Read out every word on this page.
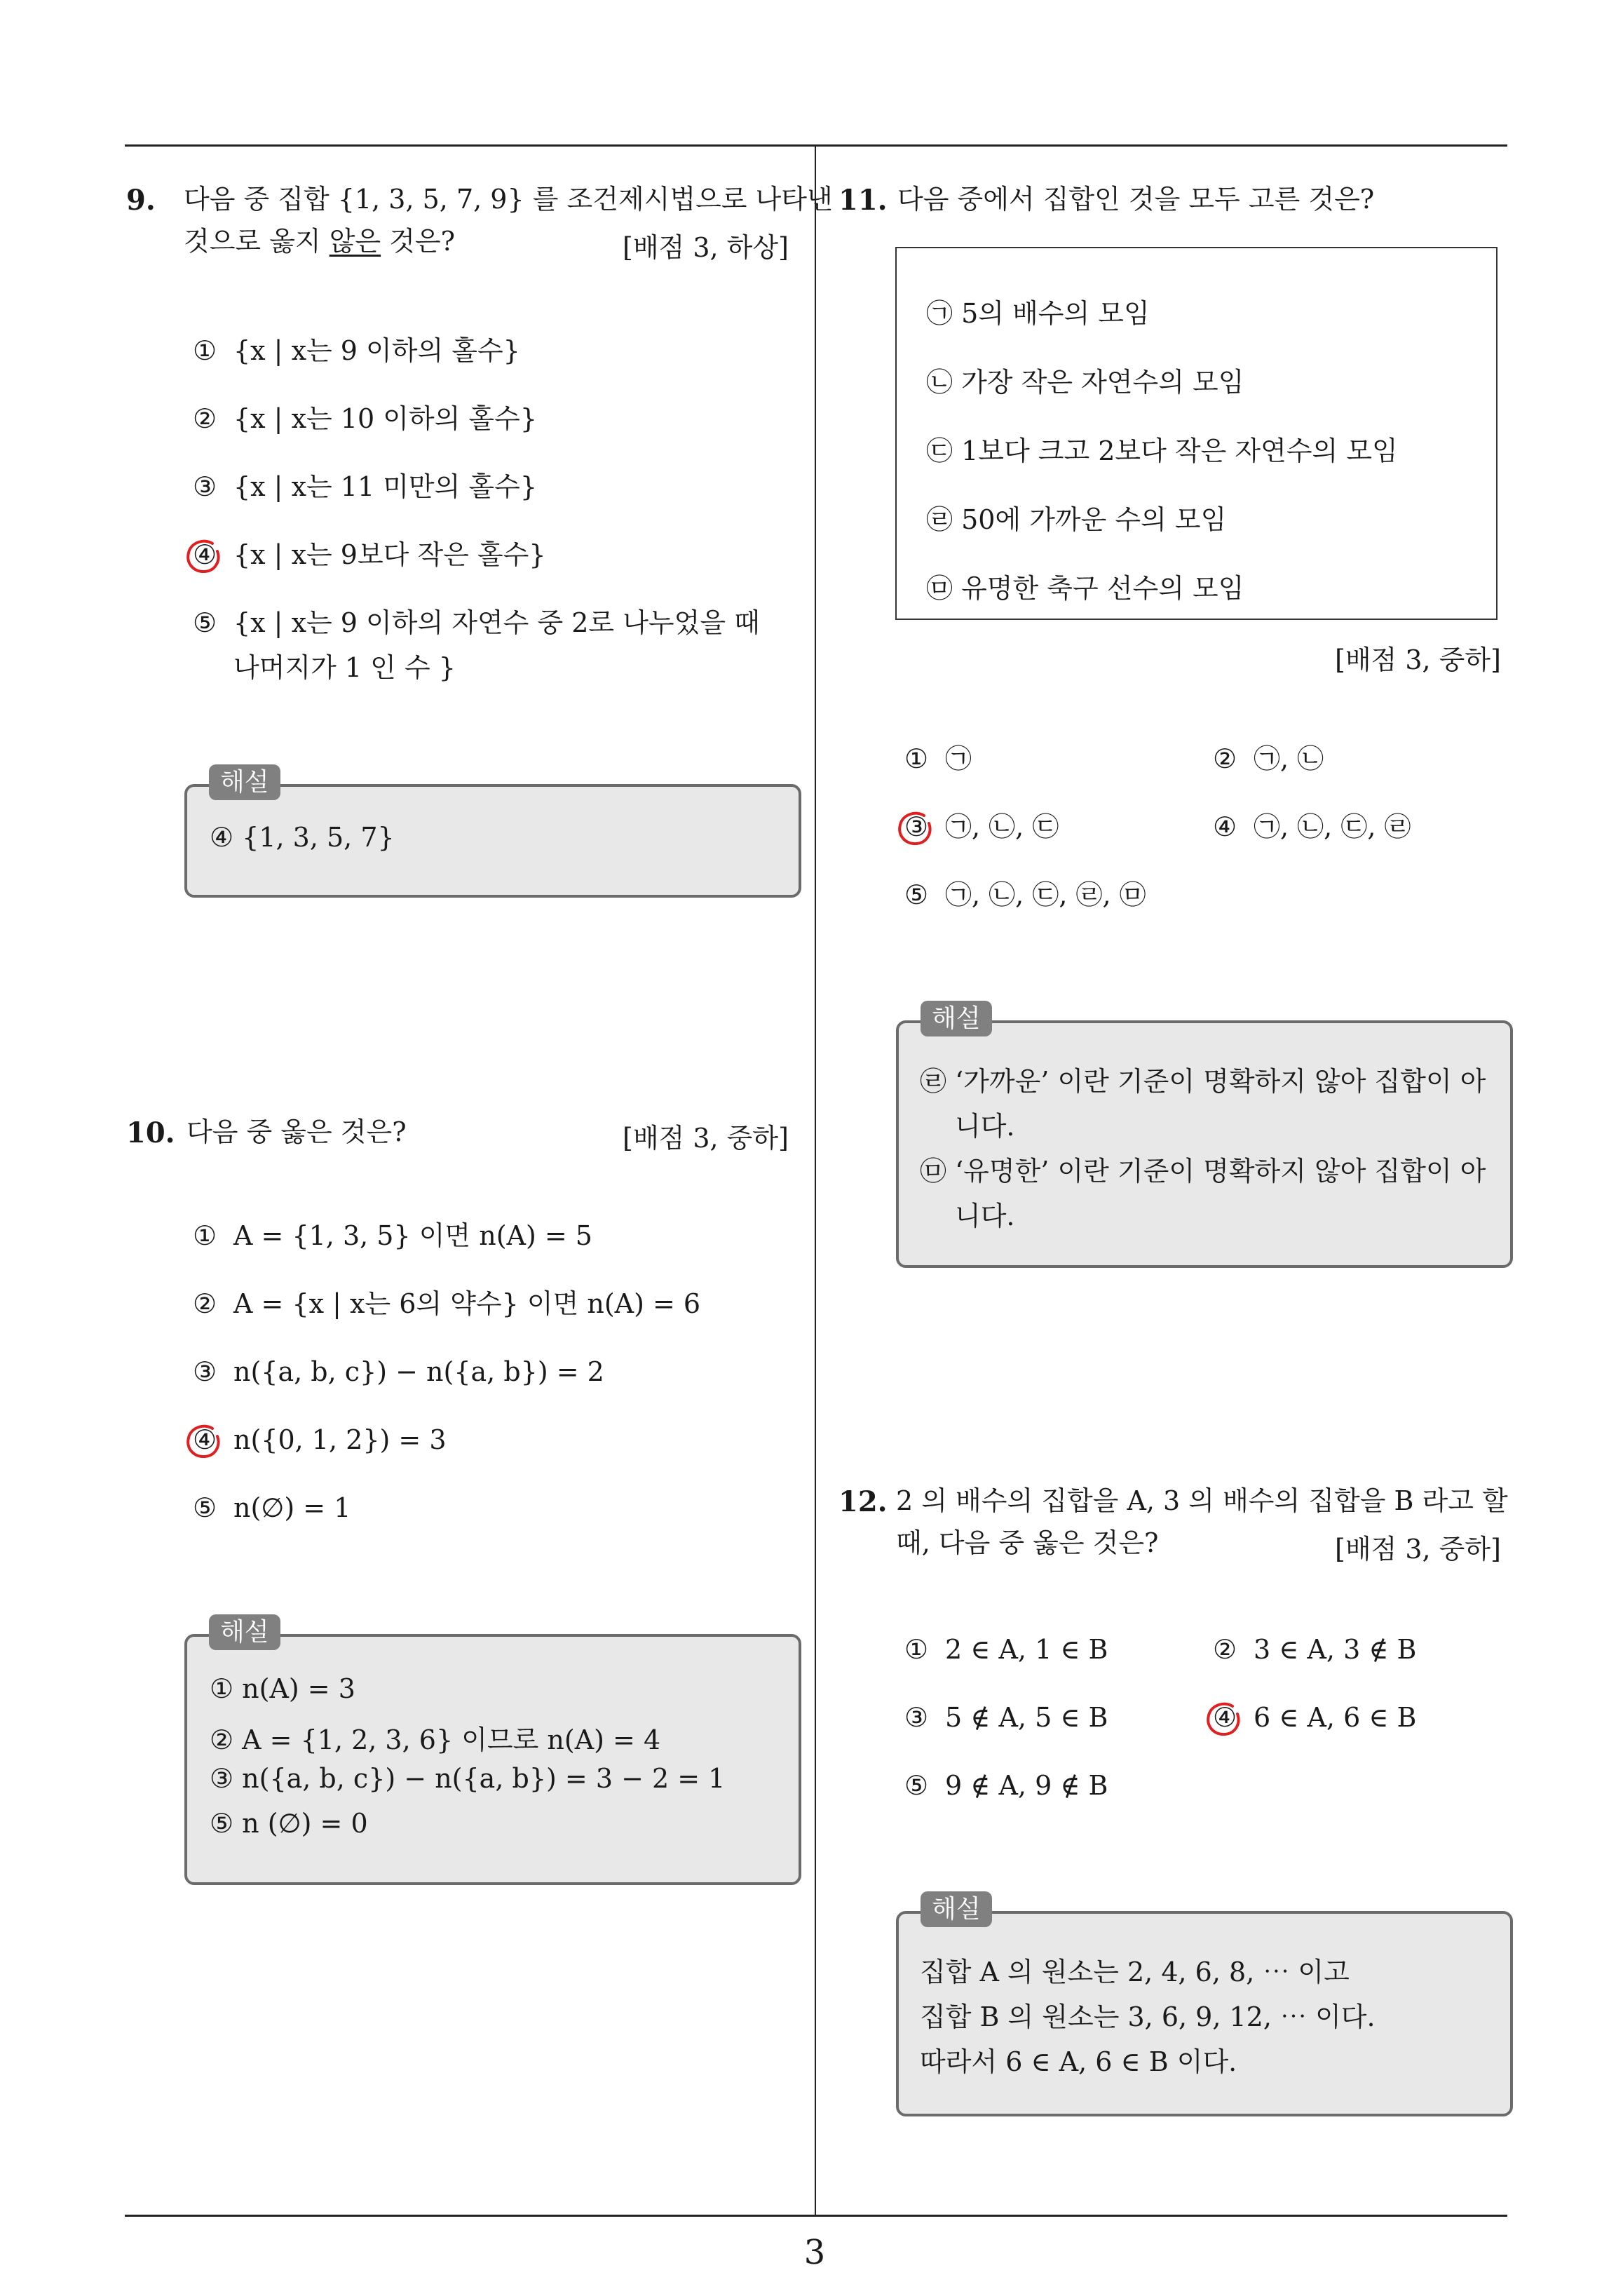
3
9. 다음 중 집합 {1, 3, 5, 7, 9} 를 조건제시법으로 나타낸
것으로 옳지 않은 것은?	[배점 3, 하상]
① {x | x는 9 이하의 홀수}
② {x | x는 10 이하의 홀수}
③ {x | x는 11 미만의 홀수}
④ {x | x는 9보다 작은 홀수}
⑤ {x | x는 9 이하의 자연수 중 2로 나누었을 때
나머지가 1 인 수 }
④ {1, 3, 5, 7}
해설
10. 다음 중 옳은 것은?	[배점 3, 중하]
① A = {1, 3, 5} 이면 n(A) = 5
② A = {x | x는 6의 약수} 이면 n(A) = 6
③ n({a, b, c}) − n({a, b}) = 2
④ n({0, 1, 2}) = 3
⑤ n(∅) = 1
① n(A) = 3
② A = {1, 2, 3, 6} 이므로 n(A) = 4
③ n({a, b, c}) − n({a, b}) = 3 − 2 = 1
⑤ n (∅) = 0
해설
11. 다음 중에서 집합인 것을 모두 고른 것은?
㉠ 5의 배수의 모임
㉡ 가장 작은 자연수의 모임
㉢ 1보다 크고 2보다 작은 자연수의 모임
㉣ 50에 가까운 수의 모임
㉤ 유명한 축구 선수의 모임
[배점 3, 중하]
① ㉠	② ㉠, ㉡
③ ㉠, ㉡, ㉢	④ ㉠, ㉡, ㉢, ㉣
⑤ ㉠, ㉡, ㉢, ㉣, ㉤
㉣ ‘가까운’ 이란 기준이 명확하지 않아 집합이 아
니다.
㉤ ‘유명한’ 이란 기준이 명확하지 않아 집합이 아
니다.
해설
12. 2 의 배수의 집합을 A, 3 의 배수의 집합을 B 라고 할
때, 다음 중 옳은 것은?	[배점 3, 중하]
① 2 ∈ A, 1 ∈ B	② 3 ∈ A, 3 ∉ B
③ 5 ∉ A, 5 ∈ B	④ 6 ∈ A, 6 ∈ B
⑤ 9 ∉ A, 9 ∉ B
집합 A 의 원소는 2, 4, 6, 8, ⋯ 이고
집합 B 의 원소는 3, 6, 9, 12, ⋯ 이다.
따라서 6 ∈ A, 6 ∈ B 이다.
해설
